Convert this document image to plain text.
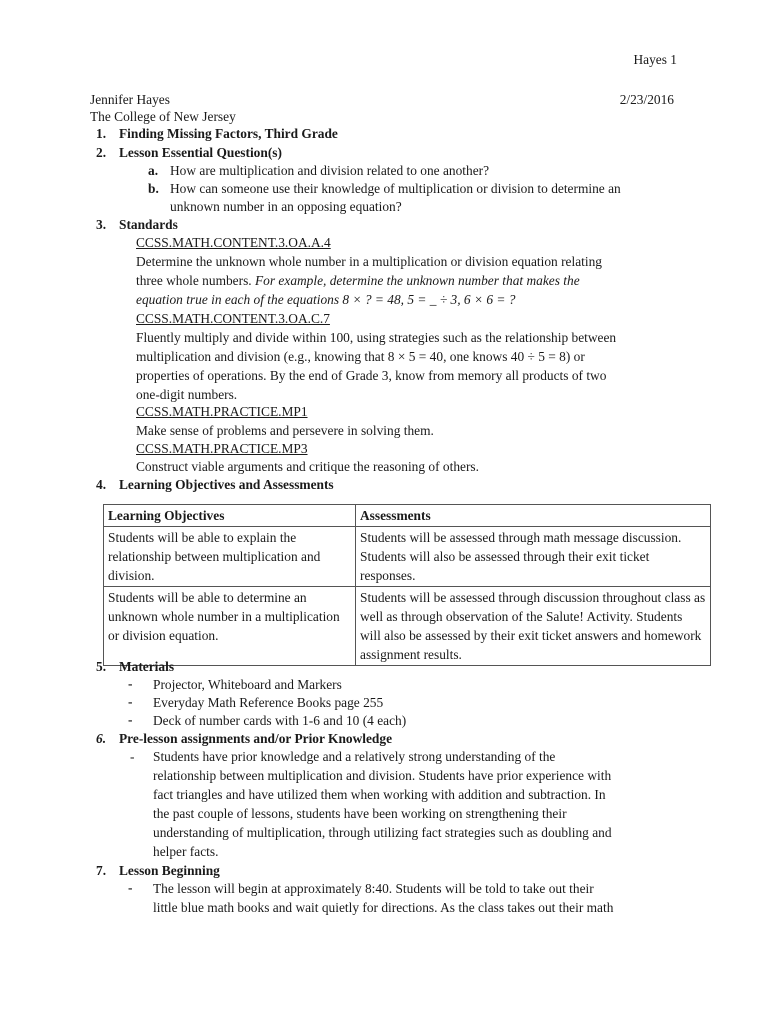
Hayes 1
Jennifer Hayes	2/23/2016
The College of New Jersey
1. Finding Missing Factors, Third Grade
2. Lesson Essential Question(s)
a. How are multiplication and division related to one another?
b. How can someone use their knowledge of multiplication or division to determine an
unknown number in an opposing equation?
3. Standards
CCSS.MATH.CONTENT.3.OA.A.4
Determine the unknown whole number in a multiplication or division equation relating
three whole numbers. For example, determine the unknown number that makes the
equation true in each of the equations 8 × ? = 48, 5 = _ ÷ 3, 6 × 6 = ?
CCSS.MATH.CONTENT.3.OA.C.7
Fluently multiply and divide within 100, using strategies such as the relationship between
multiplication and division (e.g., knowing that 8 × 5 = 40, one knows 40 ÷ 5 = 8) or
properties of operations. By the end of Grade 3, know from memory all products of two
one-digit numbers.
CCSS.MATH.PRACTICE.MP1
Make sense of problems and persevere in solving them.
CCSS.MATH.PRACTICE.MP3
Construct viable arguments and critique the reasoning of others.
4. Learning Objectives and Assessments
Learning Objectives	Assessments
Students will be able to explain the relationship between multiplication and division.	Students will be assessed through math message discussion. Students will also be assessed through their exit ticket responses.
Students will be able to determine an unknown whole number in a multiplication or division equation.	Students will be assessed through discussion throughout class as well as through observation of the Salute! Activity. Students will also be assessed by their exit ticket answers and homework assignment results.
5. Materials
- Projector, Whiteboard and Markers
- Everyday Math Reference Books page 255
- Deck of number cards with 1-6 and 10 (4 each)
6. Pre-lesson assignments and/or Prior Knowledge
- Students have prior knowledge and a relatively strong understanding of the
relationship between multiplication and division. Students have prior experience with
fact triangles and have utilized them when working with addition and subtraction. In
the past couple of lessons, students have been working on strengthening their
understanding of multiplication, through utilizing fact strategies such as doubling and
helper facts.
7. Lesson Beginning
- The lesson will begin at approximately 8:40. Students will be told to take out their
little blue math books and wait quietly for directions. As the class takes out their math
